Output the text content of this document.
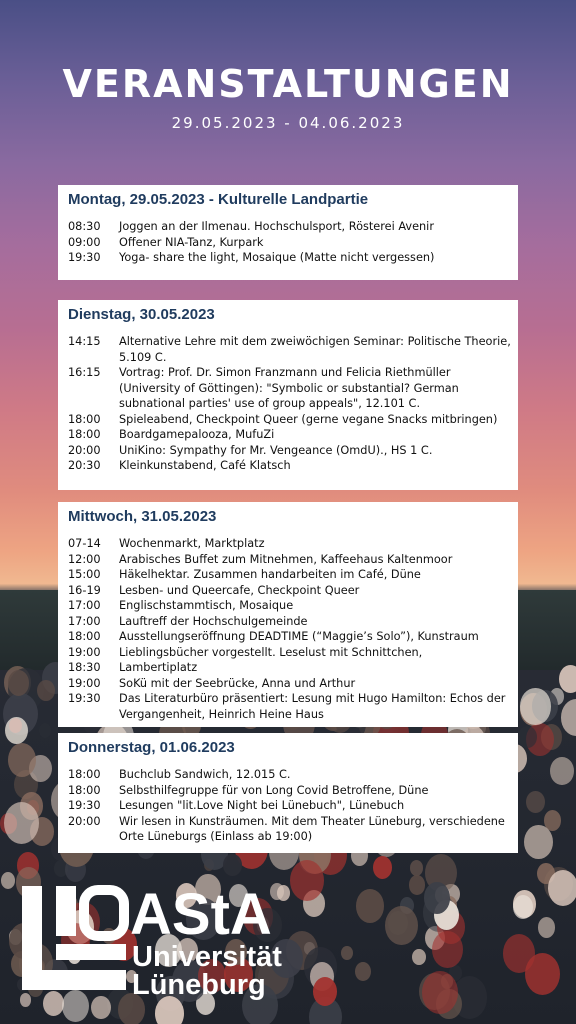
VERANSTALTUNGEN
29.05.2023 - 04.06.2023
Montag, 29.05.2023 - Kulturelle Landpartie
08:30	Joggen an der Ilmenau. Hochschulsport, Rösterei Avenir
09:00	Offener NIA-Tanz, Kurpark
19:30	Yoga- share the light, Mosaique (Matte nicht vergessen)
Dienstag, 30.05.2023
14:15	Alternative Lehre mit dem zweiwöchigen Seminar: Politische Theorie, 5.109 C.
16:15	Vortrag: Prof. Dr. Simon Franzmann und Felicia Riethmüller (University of Göttingen): "Symbolic or substantial? German subnational parties' use of group appeals", 12.101 C.
18:00	Spieleabend, Checkpoint Queer (gerne vegane Snacks mitbringen)
18:00	Boardgamepalooza, MufuZi
20:00	UniKino: Sympathy for Mr. Vengeance (OmdU)., HS 1 C.
20:30	Kleinkunstabend, Café Klatsch
Mittwoch, 31.05.2023
07-14	Wochenmarkt, Marktplatz
12:00	Arabisches Buffet zum Mitnehmen, Kaffeehaus Kaltenmoor
15:00	Häkelhektar. Zusammen handarbeiten im Café, Düne
16-19	Lesben- und Queercafe, Checkpoint Queer
17:00	Englischstammtisch, Mosaique
17:00	Lauftreff der Hochschulgemeinde
18:00	Ausstellungseröffnung DEADTIME (“Maggie’s Solo”), Kunstraum
19:00	Lieblingsbücher vorgestellt. Leselust mit Schnittchen,
18:30	Lambertiplatz
19:00	SoKü mit der Seebrücke, Anna und Arthur
19:30	Das Literaturbüro präsentiert: Lesung mit Hugo Hamilton: Echos der Vergangenheit, Heinrich Heine Haus
Donnerstag, 01.06.2023
18:00	Buchclub Sandwich, 12.015 C.
18:00	Selbsthilfegruppe für von Long Covid Betroffene, Düne
19:30	Lesungen "lit.Love Night bei Lünebuch", Lünebuch
20:00	Wir lesen in Kunsträumen. Mit dem Theater Lüneburg, verschiedene Orte Lüneburgs (Einlass ab 19:00)
AStA
Universität
Lüneburg
